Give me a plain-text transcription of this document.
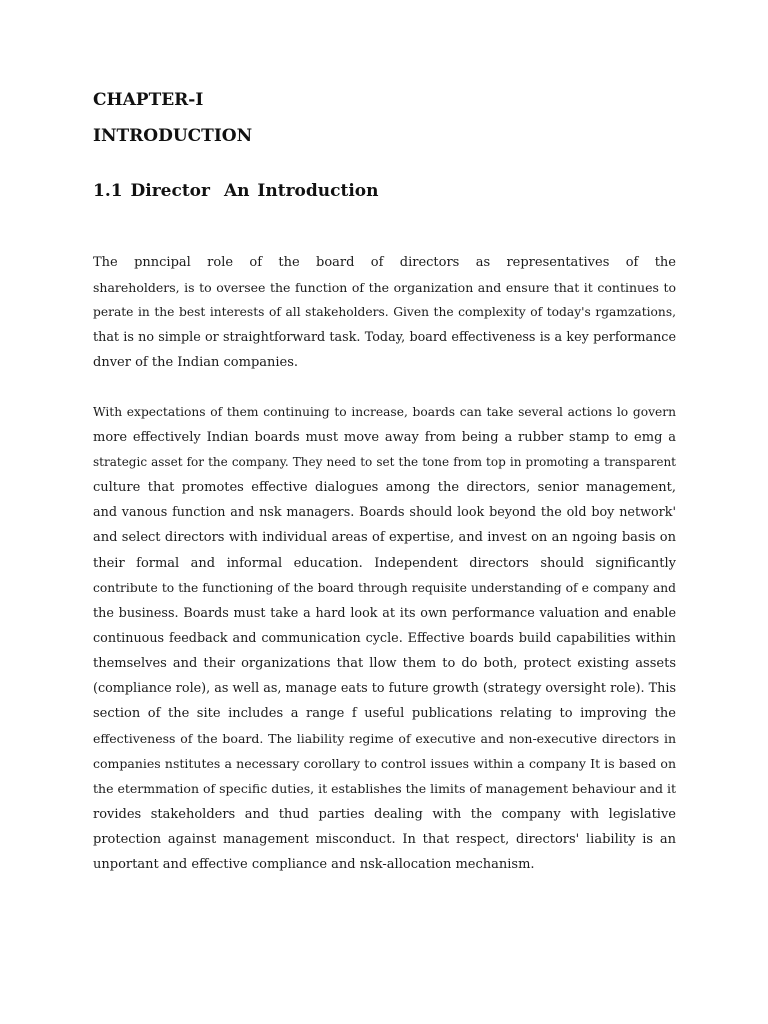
CHAPTER-I
INTRODUCTION
1.1 Director An Introduction
The pnncipal role of the board of directors as representatives of the
shareholders, is to oversee the function of the organization and ensure that it continues to
perate in the best interests of all stakeholders. Given the complexity of today's rgamzations,
that is no simple or straightforward task. Today, board effectiveness is a key performance
dnver of the Indian companies.
With expectations of them continuing to increase, boards can take several actions lo govern
more effectively Indian boards must move away from being a rubber stamp to emg a
strategic asset for the company. They need to set the tone from top in promoting a transparent
culture that promotes effective dialogues among the directors, senior management,
and vanous function and nsk managers. Boards should look beyond the old boy network'
and select directors with individual areas of expertise, and invest on an ngoing basis on
their formal and informal education. Independent directors should significantly
contribute to the functioning of the board through requisite understanding of e company and
the business. Boards must take a hard look at its own performance valuation and enable
continuous feedback and communication cycle. Effective boards build capabilities within
themselves and their organizations that llow them to do both, protect existing assets
(compliance role), as well as, manage eats to future growth (strategy oversight role). This
section of the site includes a range f useful publications relating to improving the
effectiveness of the board. The liability regime of executive and non-executive directors in
companies nstitutes a necessary corollary to control issues within a company It is based on
the etermmation of specific duties, it establishes the limits of management behaviour and it
rovides stakeholders and thud parties dealing with the company with legislative
protection against management misconduct. In that respect, directors' liability is an
unportant and effective compliance and nsk-allocation mechanism.
